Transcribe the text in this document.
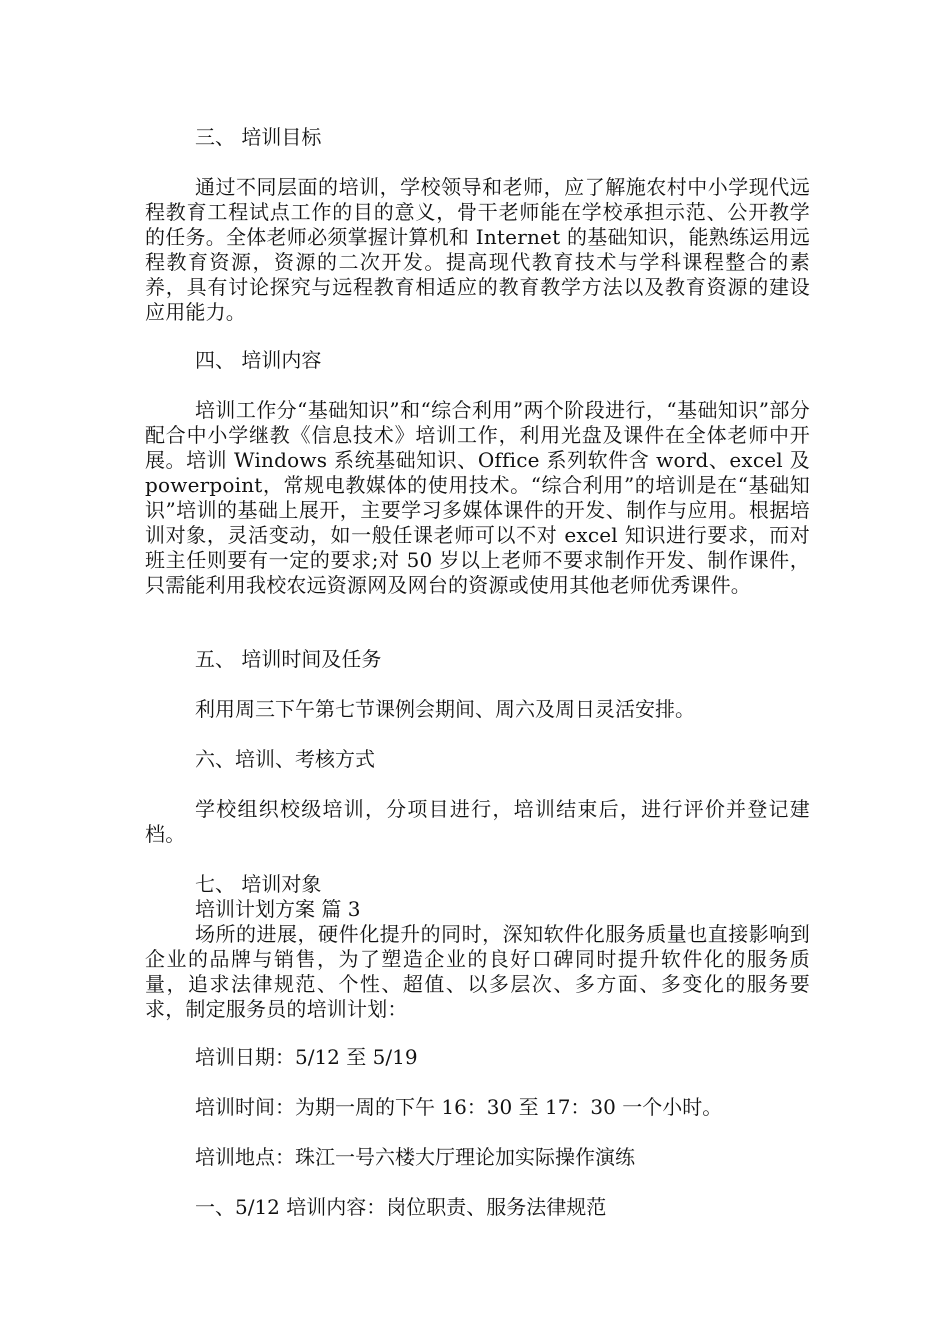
三、 培训目标

通过不同层面的培训，学校领导和老师，应了解施农村中小学现代远程教育工程试点工作的目的意义，骨干老师能在学校承担示范、公开教学的任务。全体老师必须掌握计算机和 Internet 的基础知识，能熟练运用远程教育资源，资源的二次开发。提高现代教育技术与学科课程整合的素养，具有讨论探究与远程教育相适应的教育教学方法以及教育资源的建设应用能力。

四、 培训内容

培训工作分“基础知识”和“综合利用”两个阶段进行，“基础知识”部分配合中小学继教《信息技术》培训工作，利用光盘及课件在全体老师中开展。培训 Windows 系统基础知识、Office 系列软件含 word、excel 及 powerpoint，常规电教媒体的使用技术。“综合利用”的培训是在“基础知识”培训的基础上展开，主要学习多媒体课件的开发、制作与应用。根据培训对象，灵活变动，如一般任课老师可以不对 excel 知识进行要求，而对班主任则要有一定的要求;对 50 岁以上老师不要求制作开发、制作课件，只需能利用我校农远资源网及网台的资源或使用其他老师优秀课件。

五、 培训时间及任务

利用周三下午第七节课例会期间、周六及周日灵活安排。

六、培训、考核方式

学校组织校级培训，分项目进行，培训结束后，进行评价并登记建档。

七、 培训对象

培训计划方案 篇 3

场所的进展，硬件化提升的同时，深知软件化服务质量也直接影响到企业的品牌与销售，为了塑造企业的良好口碑同时提升软件化的服务质量，追求法律规范、个性、超值、以多层次、多方面、多变化的服务要求，制定服务员的培训计划：

培训日期：5/12 至 5/19

培训时间：为期一周的下午 16：30 至 17：30 一个小时。

培训地点：珠江一号六楼大厅理论加实际操作演练

一、5/12 培训内容：岗位职责、服务法律规范
